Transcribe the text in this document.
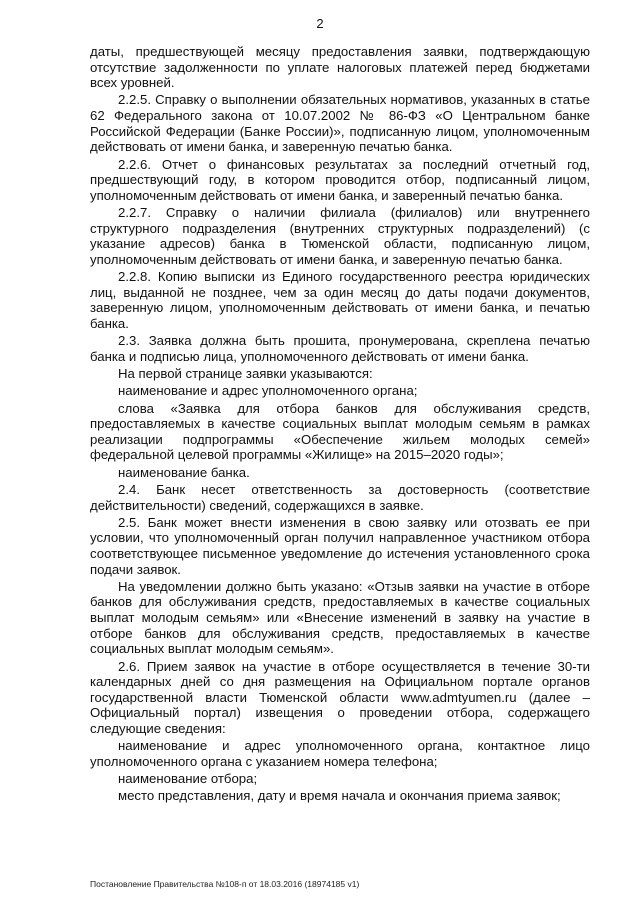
2

даты, предшествующей месяцу предоставления заявки, подтверждающую отсутствие задолженности по уплате налоговых платежей перед бюджетами всех уровней.

2.2.5. Справку о выполнении обязательных нормативов, указанных в статье 62 Федерального закона от 10.07.2002 № 86-ФЗ «О Центральном банке Российской Федерации (Банке России)», подписанную лицом, уполномоченным действовать от имени банка, и заверенную печатью банка.

2.2.6. Отчет о финансовых результатах за последний отчетный год, предшествующий году, в котором проводится отбор, подписанный лицом, уполномоченным действовать от имени банка, и заверенный печатью банка.

2.2.7. Справку о наличии филиала (филиалов) или внутреннего структурного подразделения (внутренних структурных подразделений) (с указание адресов) банка в Тюменской области, подписанную лицом, уполномоченным действовать от имени банка, и заверенную печатью банка.

2.2.8. Копию выписки из Единого государственного реестра юридических лиц, выданной не позднее, чем за один месяц до даты подачи документов, заверенную лицом, уполномоченным действовать от имени банка, и печатью банка.

2.3. Заявка должна быть прошита, пронумерована, скреплена печатью банка и подписью лица, уполномоченного действовать от имени банка.

На первой странице заявки указываются:

наименование и адрес уполномоченного органа;

слова «Заявка для отбора банков для обслуживания средств, предоставляемых в качестве социальных выплат молодым семьям в рамках реализации подпрограммы «Обеспечение жильем молодых семей» федеральной целевой программы «Жилище» на 2015–2020 годы»;

наименование банка.

2.4. Банк несет ответственность за достоверность (соответствие действительности) сведений, содержащихся в заявке.

2.5. Банк может внести изменения в свою заявку или отозвать ее при условии, что уполномоченный орган получил направленное участником отбора соответствующее письменное уведомление до истечения установленного срока подачи заявок.

На уведомлении должно быть указано: «Отзыв заявки на участие в отборе банков для обслуживания средств, предоставляемых в качестве социальных выплат молодым семьям» или «Внесение изменений в заявку на участие в отборе банков для обслуживания средств, предоставляемых в качестве социальных выплат молодым семьям».

2.6. Прием заявок на участие в отборе осуществляется в течение 30-ти календарных дней со дня размещения на Официальном портале органов государственной власти Тюменской области www.admtyumen.ru (далее – Официальный портал) извещения о проведении отбора, содержащего следующие сведения:

наименование и адрес уполномоченного органа, контактное лицо уполномоченного органа с указанием номера телефона;

наименование отбора;

место представления, дату и время начала и окончания приема заявок;

Постановление Правительства №108-п от 18.03.2016 (18974185 v1)
